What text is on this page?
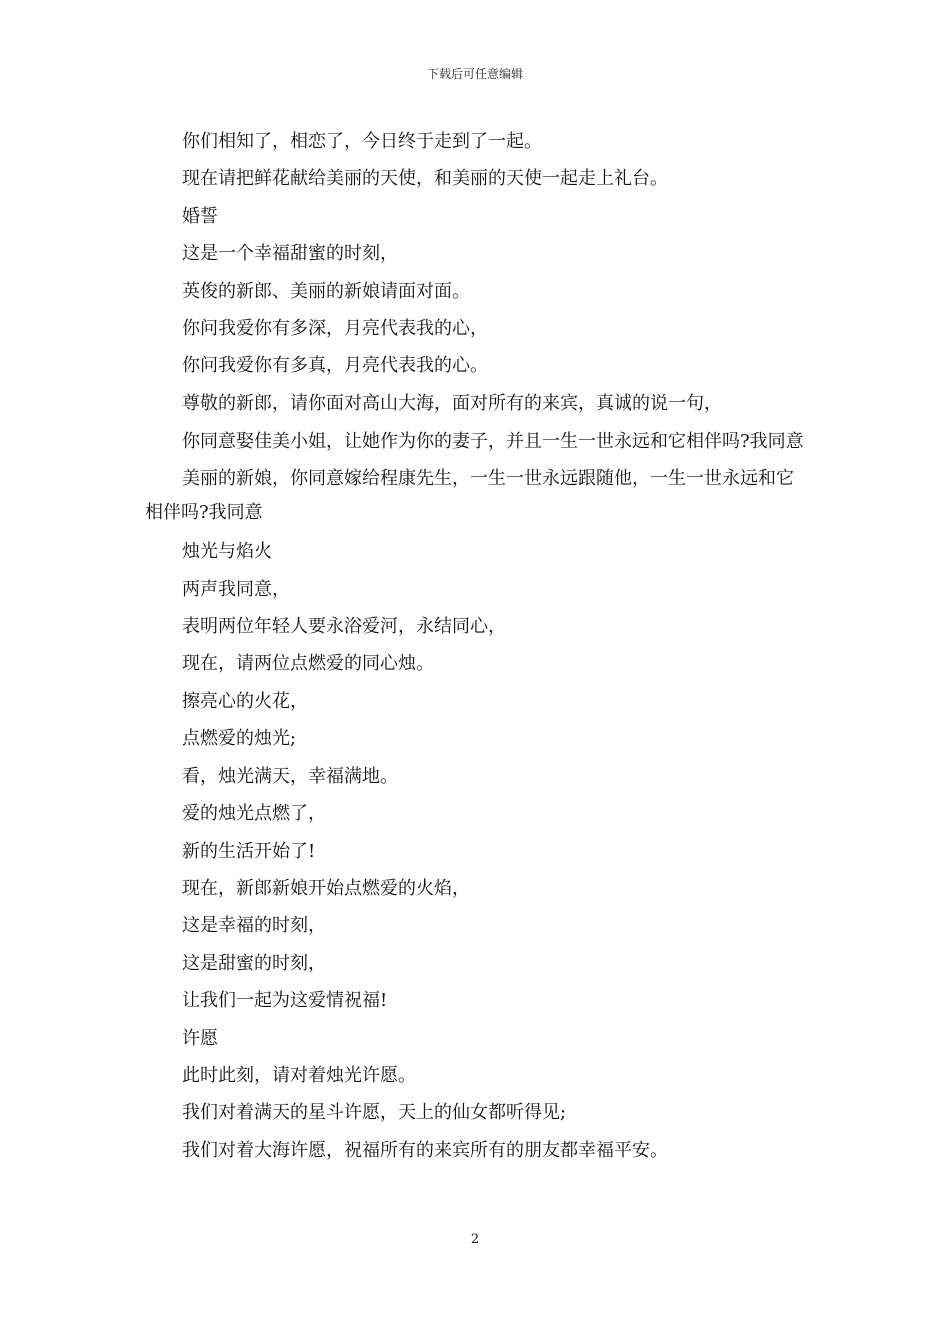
下载后可任意编辑
你们相知了，相恋了，今日终于走到了一起。
现在请把鲜花献给美丽的天使，和美丽的天使一起走上礼台。
婚誓
这是一个幸福甜蜜的时刻，
英俊的新郎、美丽的新娘请面对面。
你问我爱你有多深，月亮代表我的心，
你问我爱你有多真，月亮代表我的心。
尊敬的新郎，请你面对高山大海，面对所有的来宾，真诚的说一句，
你同意娶佳美小姐，让她作为你的妻子，并且一生一世永远和它相伴吗?我同意
美丽的新娘，你同意嫁给程康先生，一生一世永远跟随他，一生一世永远和它相伴吗?我同意
烛光与焰火
两声我同意，
表明两位年轻人要永浴爱河，永结同心，
现在，请两位点燃爱的同心烛。
擦亮心的火花，
点燃爱的烛光;
看，烛光满天，幸福满地。
爱的烛光点燃了，
新的生活开始了!
现在，新郎新娘开始点燃爱的火焰，
这是幸福的时刻，
这是甜蜜的时刻，
让我们一起为这爱情祝福!
许愿
此时此刻，请对着烛光许愿。
我们对着满天的星斗许愿，天上的仙女都听得见;
我们对着大海许愿，祝福所有的来宾所有的朋友都幸福平安。
2
